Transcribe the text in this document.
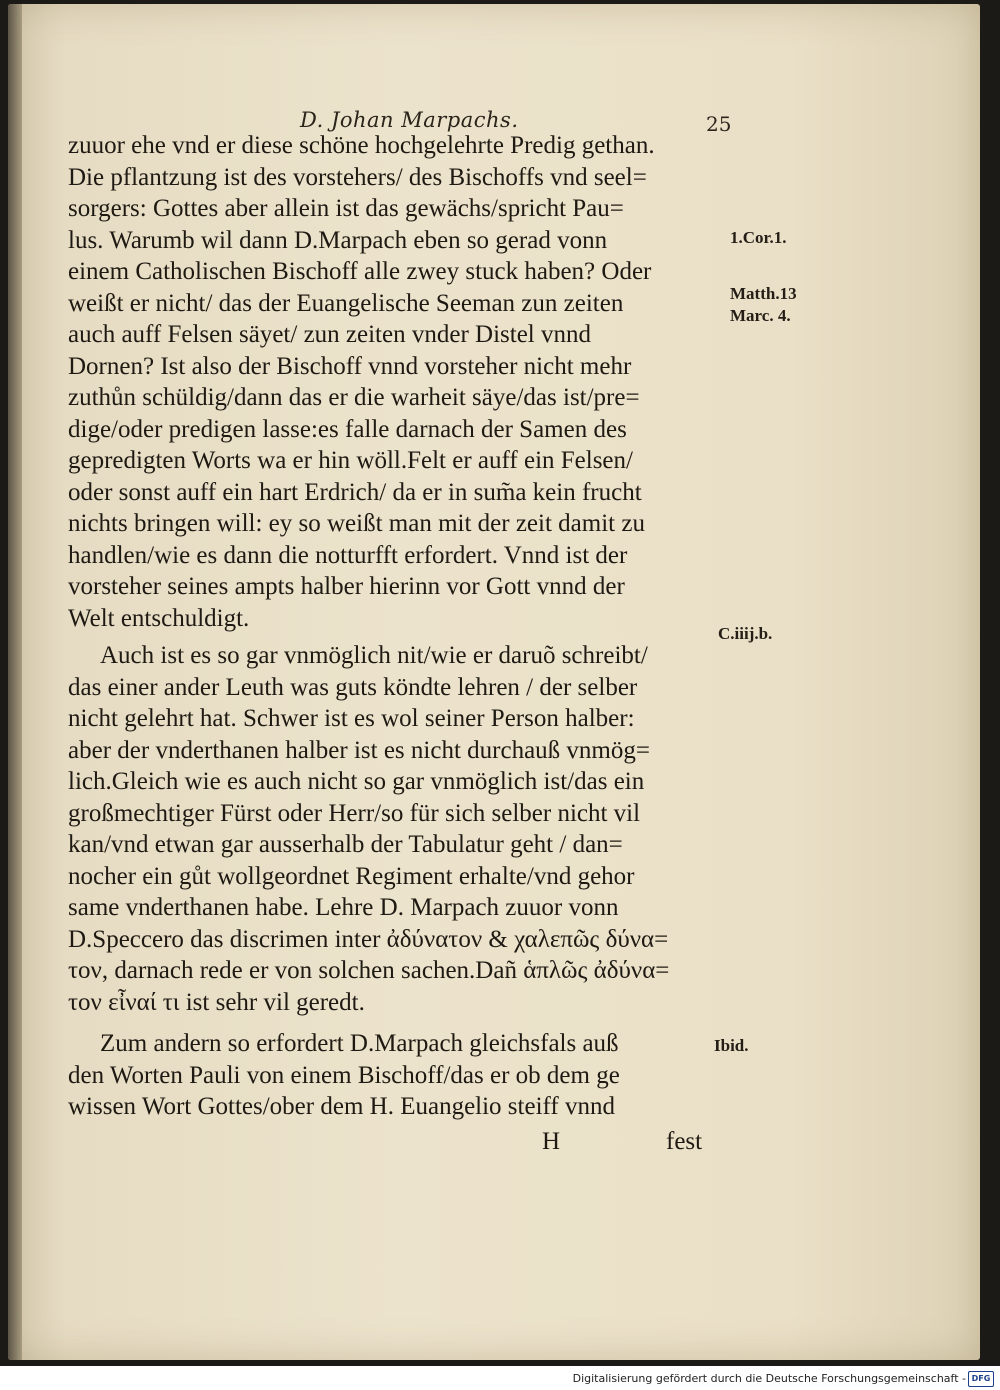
D. Johan Marpachs.	25

zuuor ehe vnd er diese schöne hochgelehrte Predig gethan.
Die pflantzung ist des vorstehers/ des Bischoffs vnd seel=
sorgers: Gottes aber allein ist das gewächs/spricht Pau=
lus. Warumb wil dann D.Marpach eben so gerad vonn
einem Catholischen Bischoff alle zwey stuck haben? Oder
weißt er nicht/ das der Euangelische Seeman zun zeiten
auch auff Felsen säyet/ zun zeiten vnder Distel vnnd
Dornen? Ist also der Bischoff vnnd vorsteher nicht mehr
zuthůn schüldig/dann das er die warheit säye/das ist/pre=
dige/oder predigen lasse:es falle darnach der Samen des
gepredigten Worts wa er hin wöll.Felt er auff ein Felsen/
oder sonst auff ein hart Erdrich/ da er in sum̃a kein frucht
nichts bringen will: ey so weißt man mit der zeit damit zu
handlen/wie es dann die notturfft erfordert. Vnnd ist der
vorsteher seines ampts halber hierinn vor Gott vnnd der
Welt entschuldigt.

Auch ist es so gar vnmöglich nit/wie er daruõ schreibt/
das einer ander Leuth was guts köndte lehren / der selber
nicht gelehrt hat. Schwer ist es wol seiner Person halber:
aber der vnderthanen halber ist es nicht durchauß vnmög=
lich.Gleich wie es auch nicht so gar vnmöglich ist/das ein
großmechtiger Fürst oder Herr/so für sich selber nicht vil
kan/vnd etwan gar ausserhalb der Tabulatur geht / dan=
nocher ein gůt wollgeordnet Regiment erhalte/vnd gehor
same vnderthanen habe. Lehre D. Marpach zuuor vonn
D.Speccero das discrimen inter ἀδύνατον & χαλεπῶς δύνα=
τον, darnach rede er von solchen sachen.Dañ ἁπλῶς ἀδύνα=
τον εἶναί τι ist sehr vil geredt.

Zum andern so erfordert D.Marpach gleichsfals auß
den Worten Pauli von einem Bischoff/das er ob dem ge
wissen Wort Gottes/ober dem H. Euangelio steiff vnnd

1.Cor.1.
Matth.13
Marc. 4.
C.iiij.b.
Ibid.
H	fest
Digitalisierung gefördert durch die Deutsche Forschungsgemeinschaft - DFG
